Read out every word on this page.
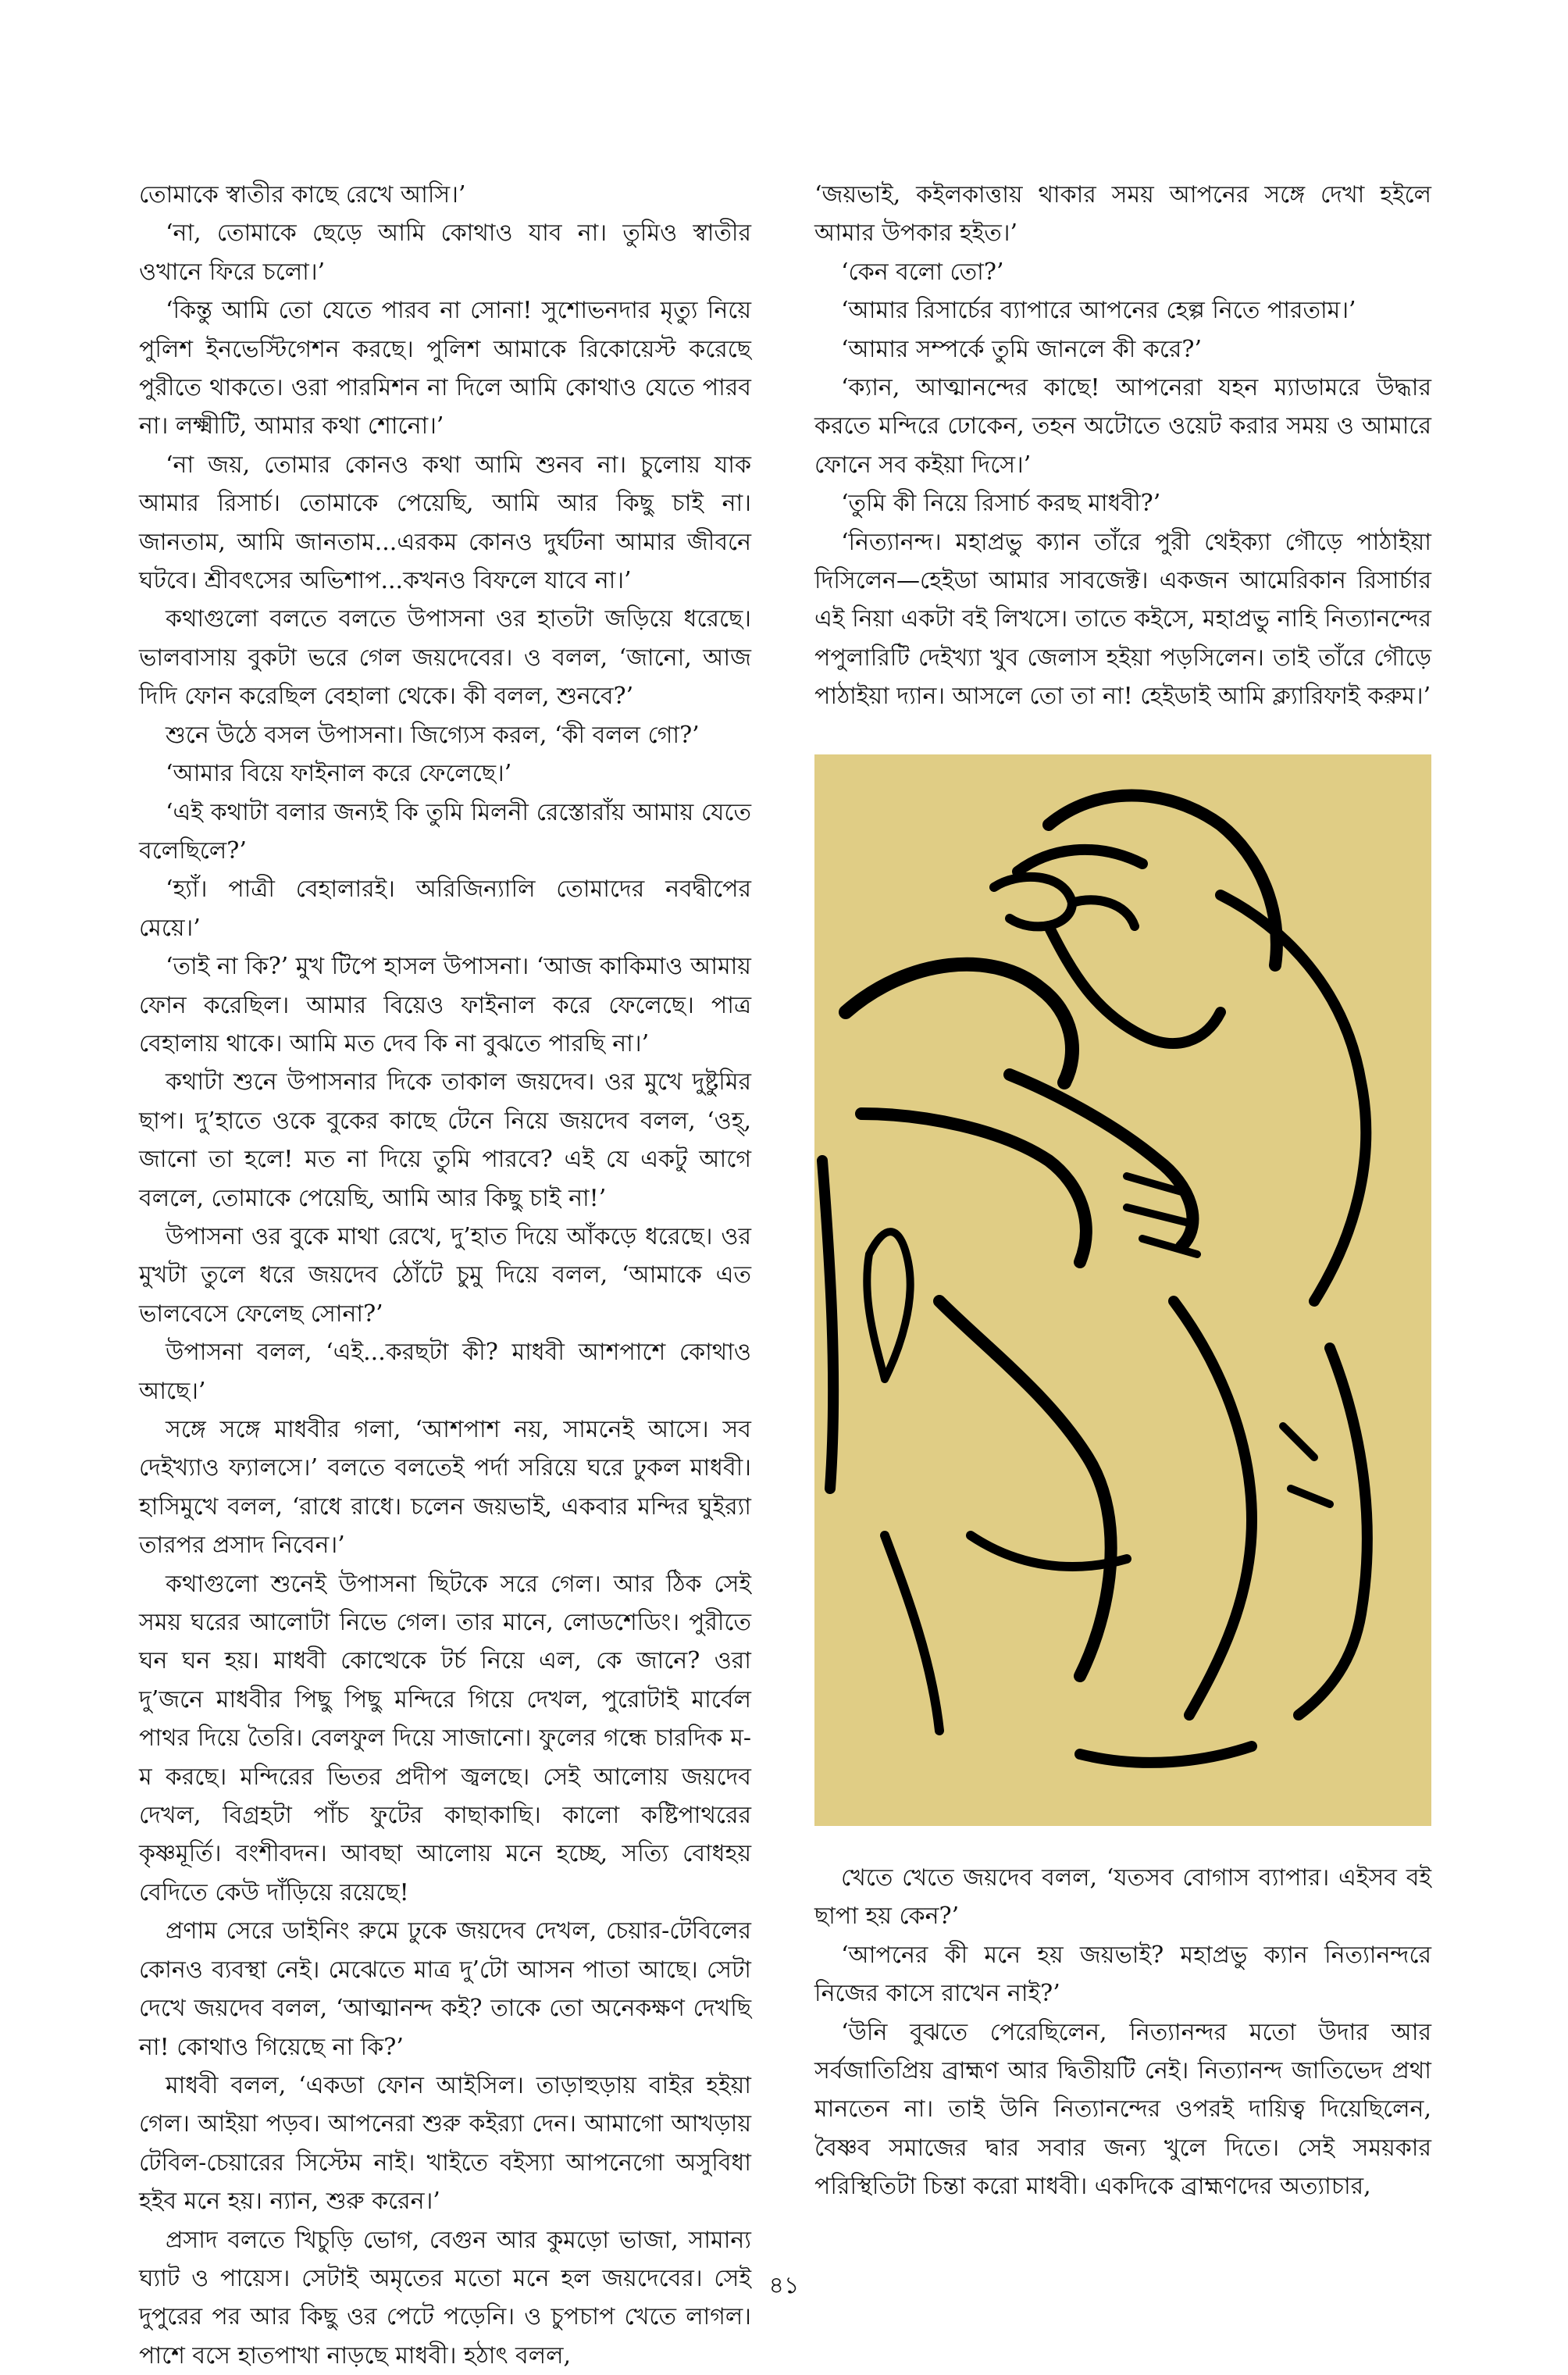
তোমাকে স্বাতীর কাছে রেখে আসি।’

‘না, তোমাকে ছেড়ে আমি কোথাও যাব না। তুমিও স্বাতীর ওখানে ফিরে চলো।’

‘কিন্তু আমি তো যেতে পারব না সোনা! সুশোভনদার মৃত্যু নিয়ে পুলিশ ইনভেস্টিগেশন করছে। পুলিশ আমাকে রিকোয়েস্ট করেছে পুরীতে থাকতে। ওরা পারমিশন না দিলে আমি কোথাও যেতে পারব না। লক্ষ্মীটি, আমার কথা শোনো।’

‘না জয়, তোমার কোনও কথা আমি শুনব না। চুলোয় যাক আমার রিসার্চ। তোমাকে পেয়েছি, আমি আর কিছু চাই না। জানতাম, আমি জানতাম...এরকম কোনও দুর্ঘটনা আমার জীবনে ঘটবে। শ্রীবৎসের অভিশাপ...কখনও বিফলে যাবে না।’

কথাগুলো বলতে বলতে উপাসনা ওর হাতটা জড়িয়ে ধরেছে। ভালবাসায় বুকটা ভরে গেল জয়দেবের। ও বলল, ‘জানো, আজ দিদি ফোন করেছিল বেহালা থেকে। কী বলল, শুনবে?’

শুনে উঠে বসল উপাসনা। জিগ্যেস করল, ‘কী বলল গো?’

‘আমার বিয়ে ফাইনাল করে ফেলেছে।’

‘এই কথাটা বলার জন্যই কি তুমি মিলনী রেস্তোরাঁয় আমায় যেতে বলেছিলে?’

‘হ্যাঁ। পাত্রী বেহালারই। অরিজিন্যালি তোমাদের নবদ্বীপের মেয়ে।’

‘তাই না কি?’ মুখ টিপে হাসল উপাসনা। ‘আজ কাকিমাও আমায় ফোন করেছিল। আমার বিয়েও ফাইনাল করে ফেলেছে। পাত্র বেহালায় থাকে। আমি মত দেব কি না বুঝতে পারছি না।’

কথাটা শুনে উপাসনার দিকে তাকাল জয়দেব। ওর মুখে দুষ্টুমির ছাপ। দু’হাতে ওকে বুকের কাছে টেনে নিয়ে জয়দেব বলল, ‘ওহ্‌, জানো তা হলে! মত না দিয়ে তুমি পারবে? এই যে একটু আগে বললে, তোমাকে পেয়েছি, আমি আর কিছু চাই না!’

উপাসনা ওর বুকে মাথা রেখে, দু’হাত দিয়ে আঁকড়ে ধরেছে। ওর মুখটা তুলে ধরে জয়দেব ঠোঁটে চুমু দিয়ে বলল, ‘আমাকে এত ভালবেসে ফেলেছ সোনা?’

উপাসনা বলল, ‘এই...করছটা কী? মাধবী আশপাশে কোথাও আছে।’

সঙ্গে সঙ্গে মাধবীর গলা, ‘আশপাশ নয়, সামনেই আসে। সব দেইখ্যাও ফ্যালসে।’ বলতে বলতেই পর্দা সরিয়ে ঘরে ঢুকল মাধবী। হাসিমুখে বলল, ‘রাধে রাধে। চলেন জয়ভাই, একবার মন্দির ঘুইর‍্যা তারপর প্রসাদ নিবেন।’

কথাগুলো শুনেই উপাসনা ছিটকে সরে গেল। আর ঠিক সেই সময় ঘরের আলোটা নিভে গেল। তার মানে, লোডশেডিং। পুরীতে ঘন ঘন হয়। মাধবী কোত্থেকে টর্চ নিয়ে এল, কে জানে? ওরা দু’জনে মাধবীর পিছু পিছু মন্দিরে গিয়ে দেখল, পুরোটাই মার্বেল পাথর দিয়ে তৈরি। বেলফুল দিয়ে সাজানো। ফুলের গন্ধে চারদিক ম-ম করছে। মন্দিরের ভিতর প্রদীপ জ্বলছে। সেই আলোয় জয়দেব দেখল, বিগ্রহটা পাঁচ ফুটের কাছাকাছি। কালো কষ্টিপাথরের কৃষ্ণমূর্তি। বংশীবদন। আবছা আলোয় মনে হচ্ছে, সত্যি বোধহয় বেদিতে কেউ দাঁড়িয়ে রয়েছে!

প্রণাম সেরে ডাইনিং রুমে ঢুকে জয়দেব দেখল, চেয়ার-টেবিলের কোনও ব্যবস্থা নেই। মেঝেতে মাত্র দু’টো আসন পাতা আছে। সেটা দেখে জয়দেব বলল, ‘আত্মানন্দ কই? তাকে তো অনেকক্ষণ দেখছি না! কোথাও গিয়েছে না কি?’

মাধবী বলল, ‘একডা ফোন আইসিল। তাড়াহুড়ায় বাইর হইয়া গেল। আইয়া পড়ব। আপনেরা শুরু কইর‍্যা দেন। আমাগো আখড়ায় টেবিল-চেয়ারের সিস্টেম নাই। খাইতে বইস্যা আপনেগো অসুবিধা হইব মনে হয়। ন্যান, শুরু করেন।’

প্রসাদ বলতে খিচুড়ি ভোগ, বেগুন আর কুমড়ো ভাজা, সামান্য ঘ্যাট ও পায়েস। সেটাই অমৃতের মতো মনে হল জয়দেবের। সেই দুপুরের পর আর কিছু ওর পেটে পড়েনি। ও চুপচাপ খেতে লাগল। পাশে বসে হাতপাখা নাড়ছে মাধবী। হঠাৎ বলল,

‘জয়ভাই, কইলকাত্তায় থাকার সময় আপনের সঙ্গে দেখা হইলে আমার উপকার হইত।’

‘কেন বলো তো?’

‘আমার রিসার্চের ব্যাপারে আপনের হেল্প নিতে পারতাম।’

‘আমার সম্পর্কে তুমি জানলে কী করে?’

‘ক্যান, আত্মানন্দের কাছে! আপনেরা যহন ম্যাডামরে উদ্ধার করতে মন্দিরে ঢোকেন, তহন অটোতে ওয়েট করার সময় ও আমারে ফোনে সব কইয়া দিসে।’

‘তুমি কী নিয়ে রিসার্চ করছ মাধবী?’

‘নিত্যানন্দ। মহাপ্রভু ক্যান তাঁরে পুরী থেইক্যা গৌড়ে পাঠাইয়া দিসিলেন—হেইডা আমার সাবজেক্ট। একজন আমেরিকান রিসার্চার এই নিয়া একটা বই লিখসে। তাতে কইসে, মহাপ্রভু নাহি নিত্যানন্দের পপুলারিটি দেইখ্যা খুব জেলাস হইয়া পড়সিলেন। তাই তাঁরে গৌড়ে পাঠাইয়া দ্যান। আসলে তো তা না! হেইডাই আমি ক্ল্যারিফাই করুম।’

খেতে খেতে জয়দেব বলল, ‘যতসব বোগাস ব্যাপার। এইসব বই ছাপা হয় কেন?’

‘আপনের কী মনে হয় জয়ভাই? মহাপ্রভু ক্যান নিত্যানন্দরে নিজের কাসে রাখেন নাই?’

‘উনি বুঝতে পেরেছিলেন, নিত্যানন্দর মতো উদার আর সর্বজাতিপ্রিয় ব্রাহ্মণ আর দ্বিতীয়টি নেই। নিত্যানন্দ জাতিভেদ প্রথা মানতেন না। তাই উনি নিত্যানন্দের ওপরই দায়িত্ব দিয়েছিলেন, বৈষ্ণব সমাজের দ্বার সবার জন্য খুলে দিতে। সেই সময়কার পরিস্থিতিটা চিন্তা করো মাধবী। একদিকে ব্রাহ্মণদের অত্যাচার,

৪১
